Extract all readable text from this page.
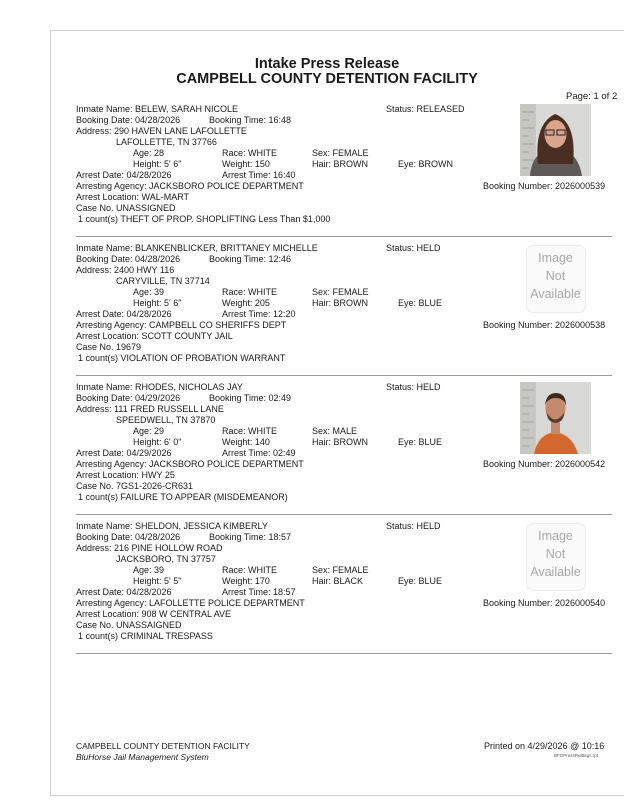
Intake Press Release
CAMPBELL COUNTY DETENTION FACILITY
Page: 1 of 2
Inmate Name: BELEW, SARAH NICOLE	Status: RELEASED
Booking Date: 04/28/2026	Booking Time: 16:48
Address: 290 HAVEN LANE LAFOLLETTE
LAFOLLETTE, TN 37766
Age: 28	Race: WHITE	Sex: FEMALE
Height: 5' 6"	Weight: 150	Hair: BROWN	Eye: BROWN
Arrest Date: 04/28/2026	Arrest Time: 16:40
Arresting Agency: JACKSBORO POLICE DEPARTMENT
Arrest Location: WAL-MART
Case No. UNASSIGNED
1 count(s) THEFT OF PROP. SHOPLIFTING Less Than $1,000
Booking Number: 2026000539
Inmate Name: BLANKENBLICKER, BRITTANEY MICHELLE	Status: HELD
Booking Date: 04/28/2026	Booking Time: 12:46
Address: 2400 HWY 116
CARYVILLE, TN 37714
Age: 39	Race: WHITE	Sex: FEMALE
Height: 5' 6"	Weight: 205	Hair: BROWN	Eye: BLUE
Arrest Date: 04/28/2026	Arrest Time: 12:20
Arresting Agency: CAMPBELL CO SHERIFFS DEPT
Arrest Location: SCOTT COUNTY JAIL
Case No. 19679
1 count(s) VIOLATION OF PROBATION WARRANT
Booking Number: 2026000538
Image
Not
Available
Inmate Name: RHODES, NICHOLAS JAY	Status: HELD
Booking Date: 04/29/2026	Booking Time: 02:49
Address: 111 FRED RUSSELL LANE
SPEEDWELL, TN 37870
Age: 29	Race: WHITE	Sex: MALE
Height: 6' 0"	Weight: 140	Hair: BROWN	Eye: BLUE
Arrest Date: 04/29/2026	Arrest Time: 02:49
Arresting Agency: JACKSBORO POLICE DEPARTMENT
Arrest Location: HWY 25
Case No. 7GS1-2026-CR631
1 count(s) FAILURE TO APPEAR (MISDEMEANOR)
Booking Number: 2026000542
Inmate Name: SHELDON, JESSICA KIMBERLY	Status: HELD
Booking Date: 04/28/2026	Booking Time: 18:57
Address: 216 PINE HOLLOW ROAD
JACKSBORO, TN 37757
Age: 39	Race: WHITE	Sex: FEMALE
Height: 5' 5"	Weight: 170	Hair: BLACK	Eye: BLUE
Arrest Date: 04/28/2026	Arrest Time: 18:57
Arresting Agency: LAFOLLETTE POLICE DEPARTMENT
Arrest Location: 908 W CENTRAL AVE
Case No. UNASSAIGNED
1 count(s) CRIMINAL TRESPASS
Booking Number: 2026000540
Image
Not
Available
CAMPBELL COUNTY DETENTION FACILITY
BluHorse Jail Management System
Printed on 4/29/2026 @ 10:16
BFOPressRelBkgs.rpt
